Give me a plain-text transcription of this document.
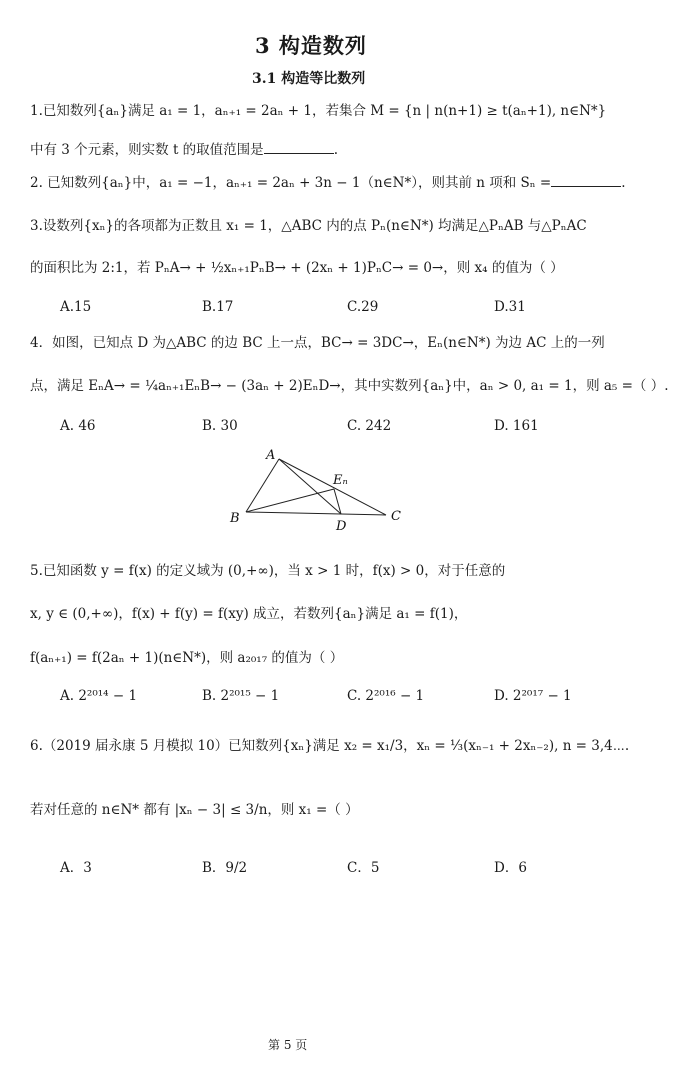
3 构造数列
3.1 构造等比数列
1.已知数列{aₙ}满足 a₁ = 1，aₙ₊₁ = 2aₙ + 1，若集合 M = {n | n(n+1) ≥ t(aₙ+1), n∈N*}
中有 3 个元素，则实数 t 的取值范围是	.
2. 已知数列{aₙ}中，a₁ = −1，aₙ₊₁ = 2aₙ + 3n − 1（n∈N*），则其前 n 项和 Sₙ =	.
3.设数列{xₙ}的各项都为正数且 x₁ = 1，△ABC 内的点 Pₙ(n∈N*) 均满足△PₙAB 与△PₙAC
的面积比为 2:1，若 PₙA→ + ½xₙ₊₁PₙB→ + (2xₙ + 1)PₙC→ = 0→，则 x₄ 的值为（ ）
A.15	B.17	C.29	D.31
4．如图，已知点 D 为△ABC 的边 BC 上一点，BC→ = 3DC→，Eₙ(n∈N*) 为边 AC 上的一列
点，满足 EₙA→ = ¼aₙ₊₁EₙB→ − (3aₙ + 2)EₙD→，其中实数列{aₙ}中，aₙ > 0, a₁ = 1，则 a₅ =（ ）.
A. 46	B. 30	C. 242	D. 161
A
B	C
D
Eₙ
5.已知函数 y = f(x) 的定义域为 (0,+∞)，当 x > 1 时，f(x) > 0，对于任意的
x, y ∈ (0,+∞)，f(x) + f(y) = f(xy) 成立，若数列{aₙ}满足 a₁ = f(1)，
f(aₙ₊₁) = f(2aₙ + 1)(n∈N*)，则 a₂₀₁₇ 的值为（ ）
A. 2²⁰¹⁴ − 1	B. 2²⁰¹⁵ − 1	C. 2²⁰¹⁶ − 1	D. 2²⁰¹⁷ − 1
6.（2019 届永康 5 月模拟 10）已知数列{xₙ}满足 x₂ = x₁/3，xₙ = ⅓(xₙ₋₁ + 2xₙ₋₂), n = 3,4⋯.
若对任意的 n∈N* 都有 |xₙ − 3| ≤ 3/n，则 x₁ =（ ）
A．3	B．9/2	C．5	D．6
第 5 页
